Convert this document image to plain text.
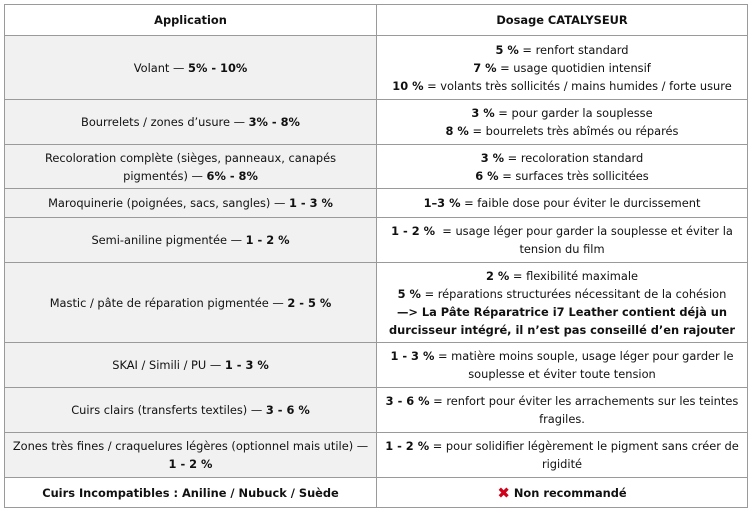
Application	Dosage CATALYSEUR
Volant — 5% - 10%	5 % = renfort standard
7 % = usage quotidien intensif
10 % = volants très sollicités / mains humides / forte usure

Bourrelets / zones d’usure — 3% - 8%	3 % = pour garder la souplesse
8 % = bourrelets très abîmés ou réparés

Recoloration complète (sièges, panneaux, canapés pigmentés) — 6% - 8%	3 % = recoloration standard
6 % = surfaces très sollicitées

Maroquinerie (poignées, sacs, sangles) — 1 - 3 %	1–3 % = faible dose pour éviter le durcissement

Semi-aniline pigmentée — 1 - 2 %	1 - 2 %  = usage léger pour garder la souplesse et éviter la tension du film
Mastic / pâte de réparation pigmentée — 2 - 5 %	2 % = flexibilité maximale
5 % = réparations structurées nécessitant de la cohésion
—> La Pâte Réparatrice i7 Leather contient déjà un durcisseur intégré, il n’est pas conseillé d’en rajouter

SKAI / Simili / PU — 1 - 3 %	1 - 3 % = matière moins souple, usage léger pour garder le souplesse et éviter toute tension
Cuirs clairs (transferts textiles) — 3 - 6 %	3 - 6 % = renfort pour éviter les arrachements sur les teintes fragiles.
Zones très fines / craquelures légères (optionnel mais utile) — 1 - 2 %	1 - 2 % = pour solidifier légèrement le pigment sans créer de rigidité
Cuirs Incompatibles : Aniline / Nubuck / Suède	✖ Non recommandé
